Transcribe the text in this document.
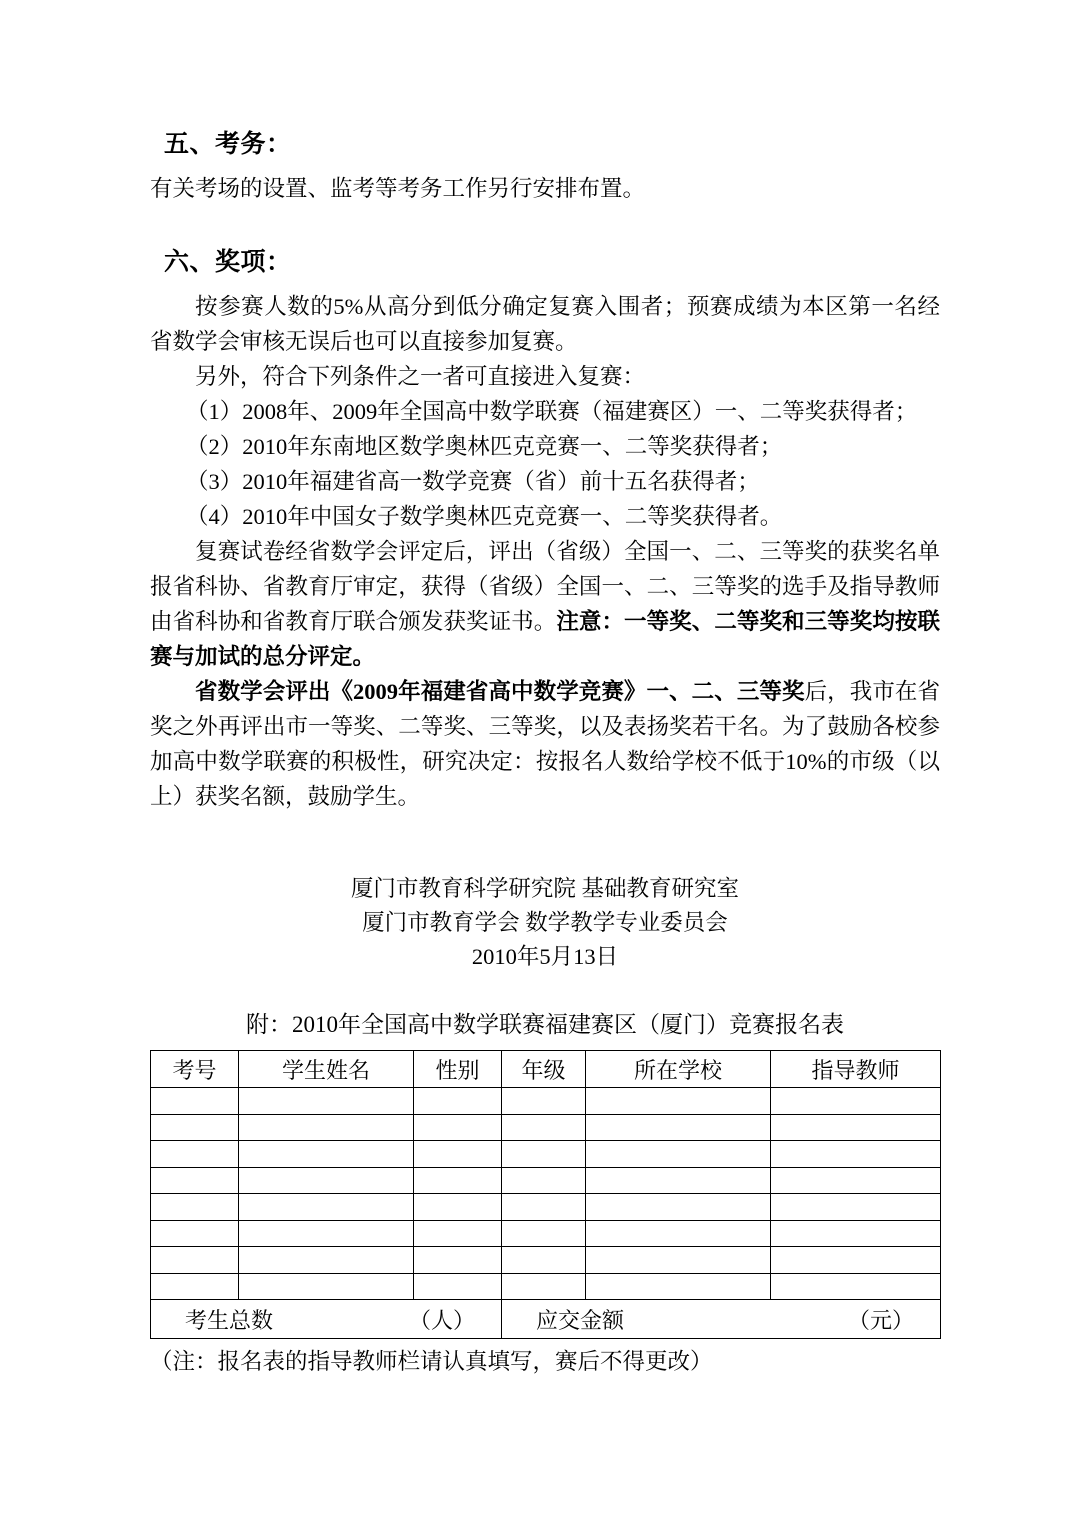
五、考务：

有关考场的设置、监考等考务工作另行安排布置。

六、奖项：

按参赛人数的5%从高分到低分确定复赛入围者；预赛成绩为本区第一名经省数学会审核无误后也可以直接参加复赛。

另外，符合下列条件之一者可直接进入复赛：

（1）2008年、2009年全国高中数学联赛（福建赛区）一、二等奖获得者；

（2）2010年东南地区数学奥林匹克竞赛一、二等奖获得者；

（3）2010年福建省高一数学竞赛（省）前十五名获得者；

（4）2010年中国女子数学奥林匹克竞赛一、二等奖获得者。

复赛试卷经省数学会评定后，评出（省级）全国一、二、三等奖的获奖名单报省科协、省教育厅审定，获得（省级）全国一、二、三等奖的选手及指导教师由省科协和省教育厅联合颁发获奖证书。注意：一等奖、二等奖和三等奖均按联赛与加试的总分评定。

省数学会评出《2009年福建省高中数学竞赛》一、二、三等奖后，我市在省奖之外再评出市一等奖、二等奖、三等奖，以及表扬奖若干名。为了鼓励各校参加高中数学联赛的积极性，研究决定：按报名人数给学校不低于10%的市级（以上）获奖名额，鼓励学生。

厦门市教育科学研究院 基础教育研究室
厦门市教育学会 数学教学专业委员会
2010年5月13日
附：2010年全国高中数学联赛福建赛区（厦门）竞赛报名表
考号	学生姓名	性别	年级	所在学校	指导教师

考生总数 （人）			应交金额 （元）		
（注：报名表的指导教师栏请认真填写，赛后不得更改）
